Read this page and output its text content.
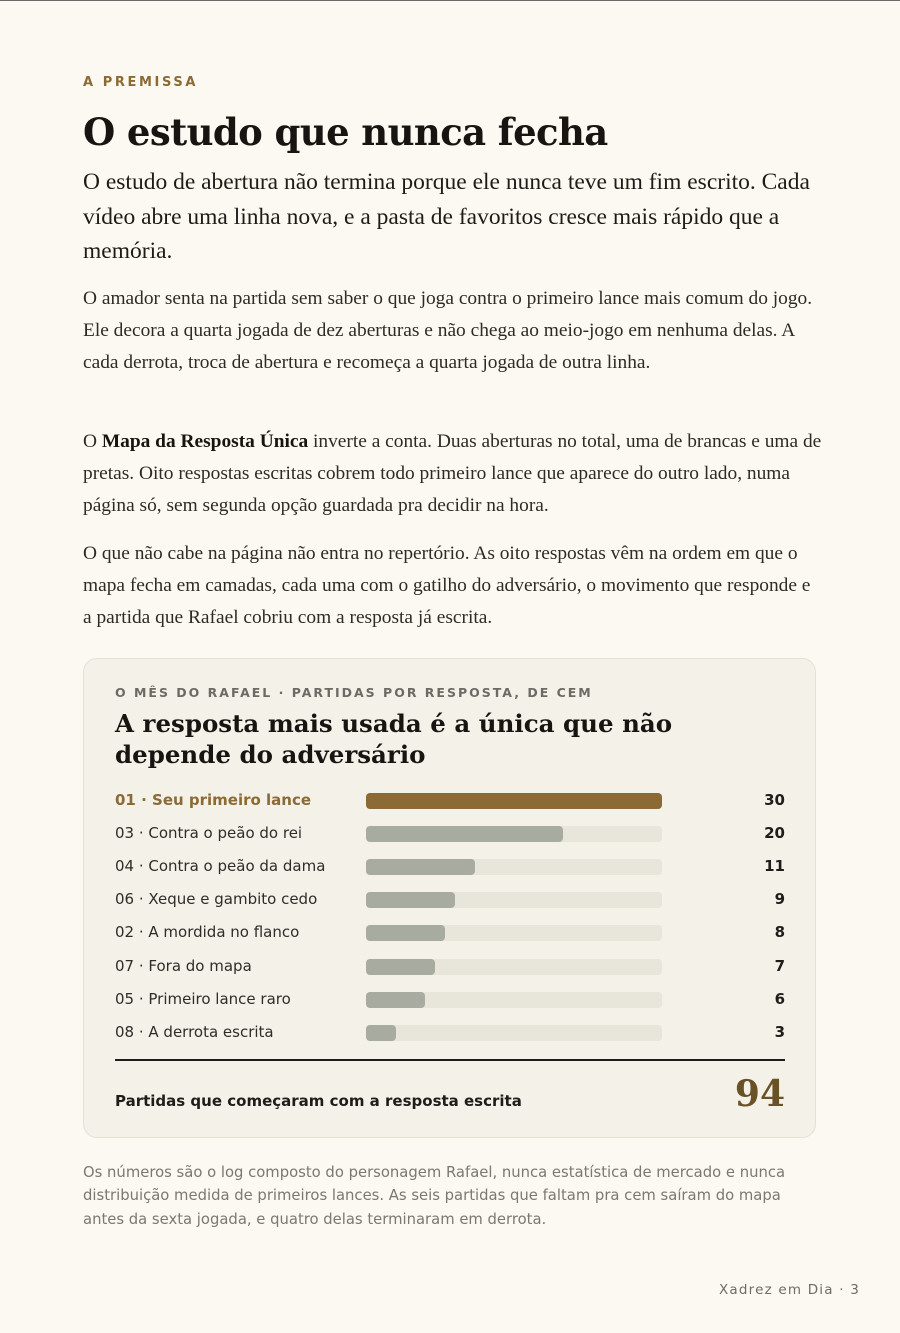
A PREMISSA
O estudo que nunca fecha

O estudo de abertura não termina porque ele nunca teve um fim escrito. Cada vídeo abre uma linha nova, e a pasta de favoritos cresce mais rápido que a memória.

O amador senta na partida sem saber o que joga contra o primeiro lance mais comum do jogo. Ele decora a quarta jogada de dez aberturas e não chega ao meio-jogo em nenhuma delas. A cada derrota, troca de abertura e recomeça a quarta jogada de outra linha.

O Mapa da Resposta Única inverte a conta. Duas aberturas no total, uma de brancas e uma de pretas. Oito respostas escritas cobrem todo primeiro lance que aparece do outro lado, numa página só, sem segunda opção guardada pra decidir na hora.

O que não cabe na página não entra no repertório. As oito respostas vêm na ordem em que o mapa fecha em camadas, cada uma com o gatilho do adversário, o movimento que responde e a partida que Rafael cobriu com a resposta já escrita.

O MÊS DO RAFAEL · PARTIDAS POR RESPOSTA, DE CEM
A resposta mais usada é a única que não depende do adversário
01 · Seu primeiro lance	30
03 · Contra o peão do rei	20
04 · Contra o peão da dama	11
06 · Xeque e gambito cedo	9
02 · A mordida no flanco	8
07 · Fora do mapa	7
05 · Primeiro lance raro	6
08 · A derrota escrita	3
Partidas que começaram com a resposta escrita	94

Os números são o log composto do personagem Rafael, nunca estatística de mercado e nunca distribuição medida de primeiros lances. As seis partidas que faltam pra cem saíram do mapa antes da sexta jogada, e quatro delas terminaram em derrota.

Xadrez em Dia · 3
